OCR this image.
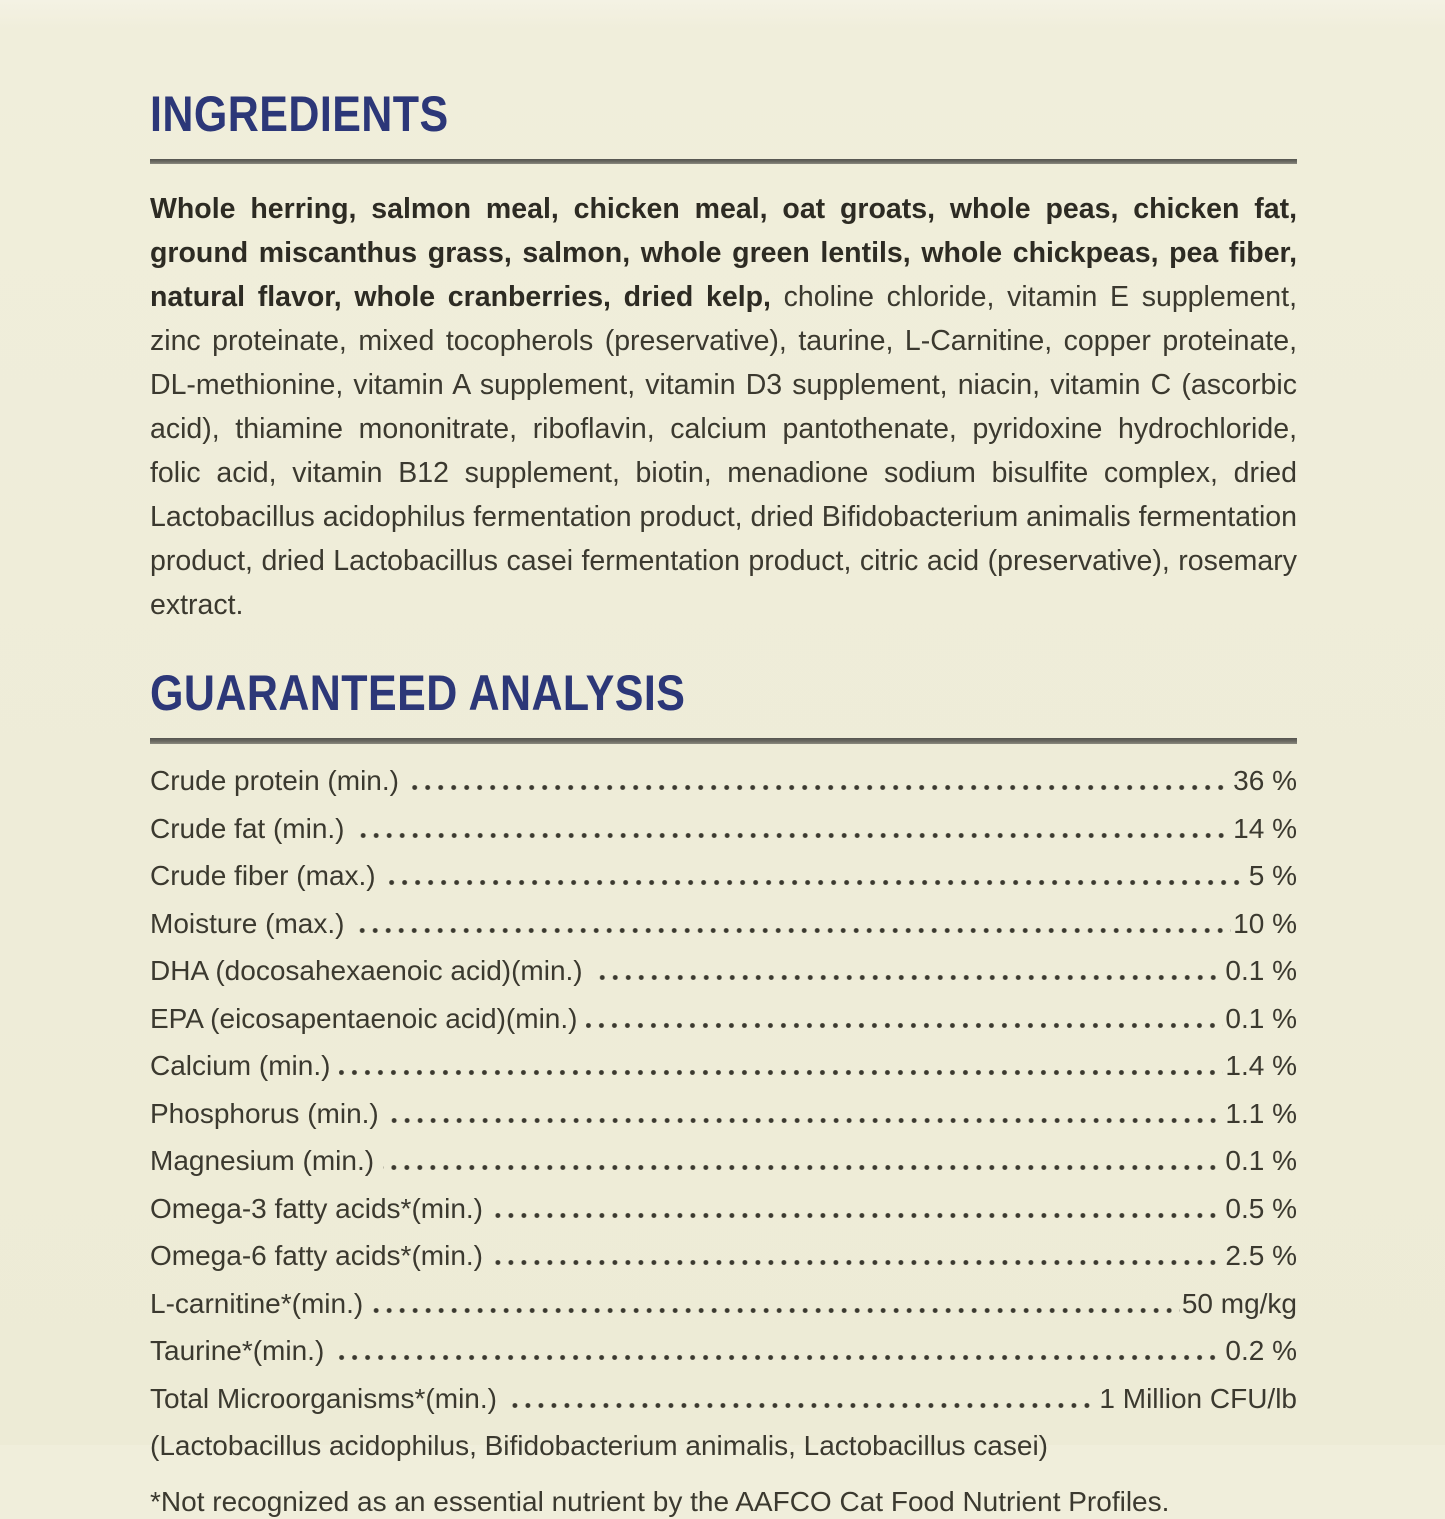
INGREDIENTS

Whole herring, salmon meal, chicken meal, oat groats, whole peas, chicken fat, ground miscanthus grass, salmon, whole green lentils, whole chickpeas, pea fiber, natural flavor, whole cranberries, dried kelp, choline chloride, vitamin E supplement, zinc proteinate, mixed tocopherols (preservative), taurine, L-Carnitine, copper proteinate, DL-methionine, vitamin A supplement, vitamin D3 supplement, niacin, vitamin C (ascorbic acid), thiamine mononitrate, riboflavin, calcium pantothenate, pyridoxine hydrochloride, folic acid, vitamin B12 supplement, biotin, menadione sodium bisulfite complex, dried Lactobacillus acidophilus fermentation product, dried Bifidobacterium animalis fermentation product, dried Lactobacillus casei fermentation product, citric acid (preservative), rosemary extract.

GUARANTEED ANALYSIS
Crude protein (min.)	36 %
Crude fat (min.)	14 %
Crude fiber (max.)	5 %
Moisture (max.)	10 %
DHA (docosahexaenoic acid)(min.)	0.1 %
EPA (eicosapentaenoic acid)(min.)	0.1 %
Calcium (min.)	1.4 %
Phosphorus (min.)	1.1 %
Magnesium (min.)	0.1 %
Omega-3 fatty acids*(min.)	0.5 %
Omega-6 fatty acids*(min.)	2.5 %
L-carnitine*(min.)	50 mg/kg
Taurine*(min.)	0.2 %
Total Microorganisms*(min.)	1 Million CFU/lb

(Lactobacillus acidophilus, Bifidobacterium animalis, Lactobacillus casei)

*Not recognized as an essential nutrient by the AAFCO Cat Food Nutrient Profiles.
